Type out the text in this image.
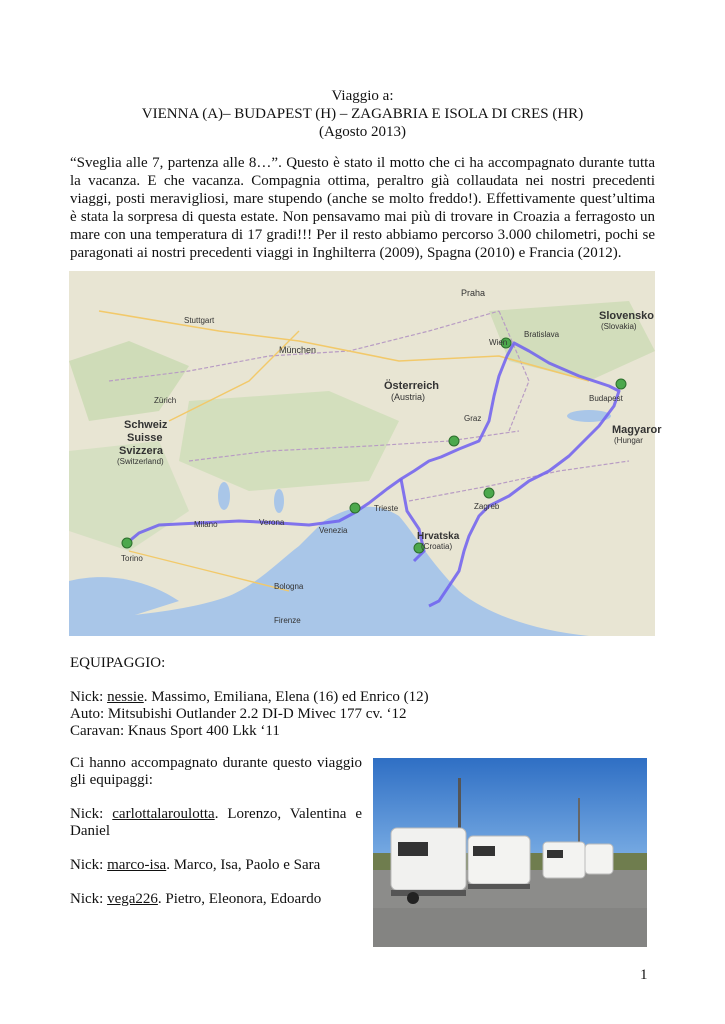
Viaggio a:
VIENNA (A)– BUDAPEST (H) – ZAGABRIA E ISOLA DI CRES (HR)
(Agosto 2013)
“Sveglia alle 7, partenza alle 8…”. Questo è stato il motto che ci ha accompagnato durante tutta la vacanza. E che vacanza. Compagnia ottima, peraltro già collaudata nei nostri precedenti viaggi, posti meravigliosi, mare stupendo (anche se molto freddo!). Effettivamente quest’ultima è stata la sorpresa di questa estate. Non pensavamo mai più di trovare in Croazia a ferragosto un mare con una temperatura di 17 gradi!!! Per il resto abbiamo percorso 3.000 chilometri, pochi se paragonati ai nostri precedenti viaggi in Inghilterra (2009), Spagna (2010) e Francia (2012).
Praha
Stuttgart
München
Österreich
(Austria)
Schweiz
Suisse
Svizzera
(Switzerland)
Zürich
Slovensko
(Slovakia)
Bratislava
Wien
Budapest
Magyaror
(Hungar
Graz
Milano	Verona
Venezia
Trieste	Zagreb
Hrvatska
(Croatia)
Torino
Bologna
Firenze
EQUIPAGGIO:
Nick: nessie. Massimo, Emiliana, Elena (16) ed Enrico (12)
Auto: Mitsubishi Outlander 2.2 DI-D Mivec 177 cv. ‘12
Caravan: Knaus Sport 400 Lkk ‘11

Ci hanno accompagnato durante questo viaggio gli equipaggi:

Nick: carlottalaroulotta. Lorenzo, Valentina e Daniel

Nick: marco-isa. Marco, Isa, Paolo e Sara

Nick: vega226. Pietro, Eleonora, Edoardo

1
